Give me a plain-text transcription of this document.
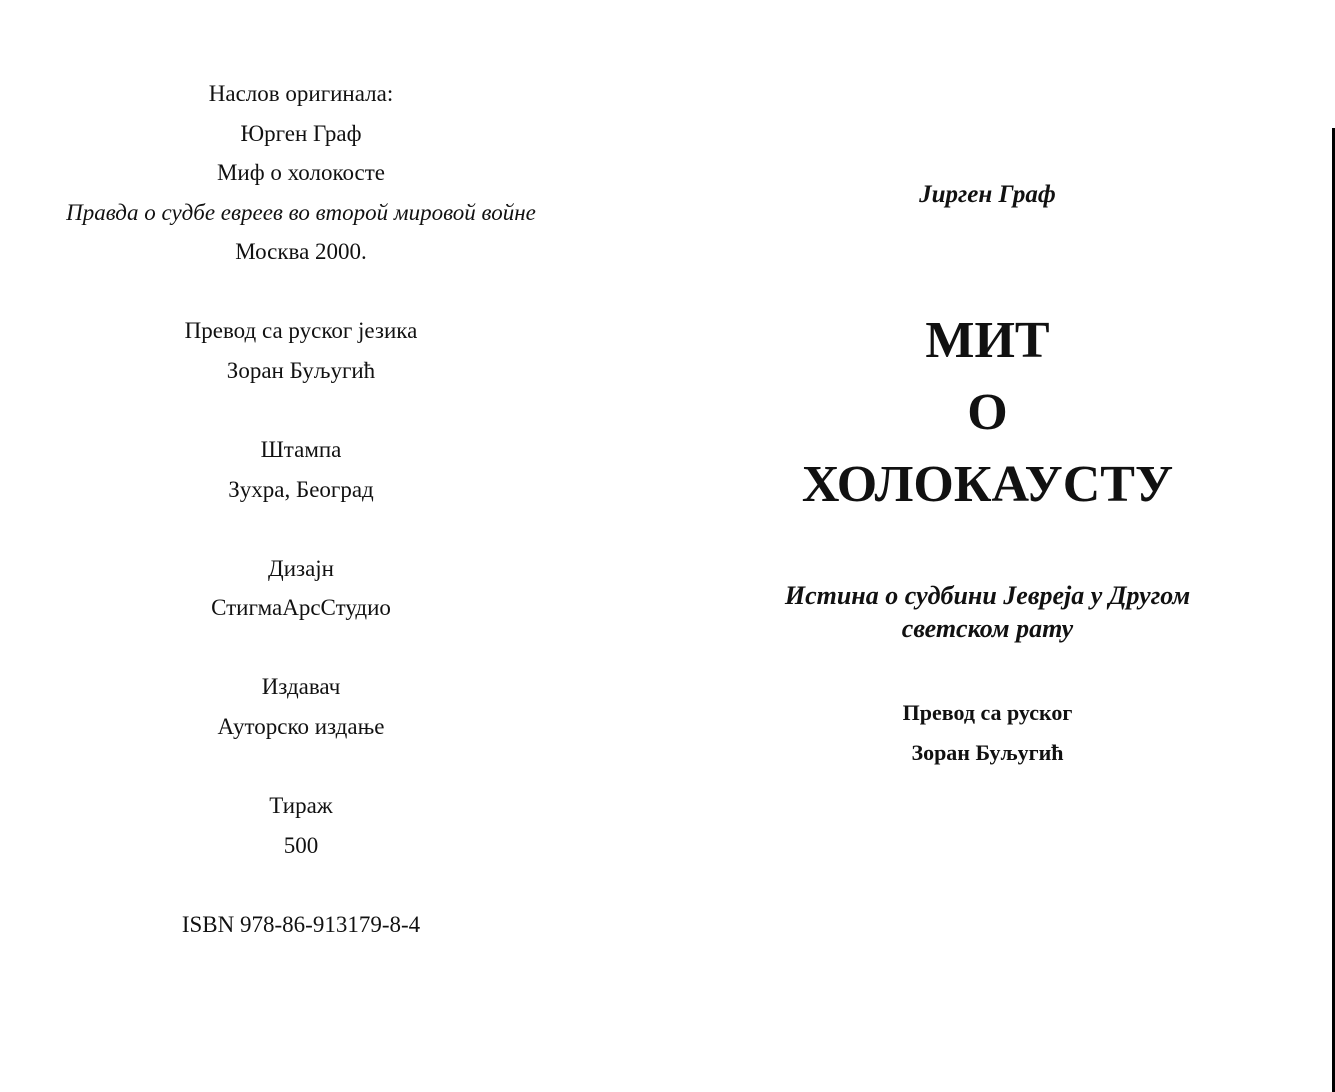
Наслов оригинала:

Юрген Граф

Миф о холокосте

Правда о судбе евреев во второй мировой войне

Москва 2000.

Превод са руског језика

Зоран Буљугић

Штампа

Зухра, Београд

Дизајн

СтигмаАрсСтудио

Издавач

Ауторско издање

Тираж

500

ISBN 978-86-913179-8-4

Јирген Граф

МИТ

О

ХОЛОКАУСТУ

Истина о судбини Јевреја у Другом

светском рату

Превод са руског

Зоран Буљугић
